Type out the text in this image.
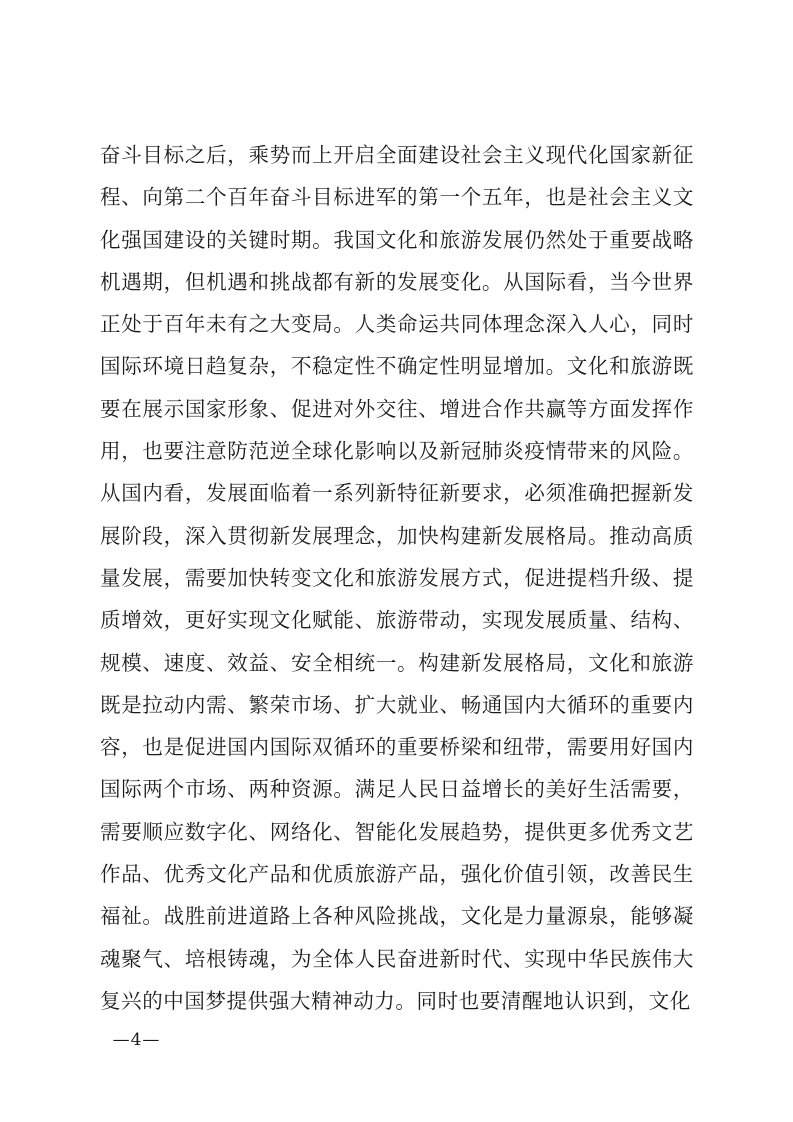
奋斗目标之后，乘势而上开启全面建设社会主义现代化国家新征程、向第二个百年奋斗目标进军的第一个五年，也是社会主义文化强国建设的关键时期。我国文化和旅游发展仍然处于重要战略机遇期，但机遇和挑战都有新的发展变化。从国际看，当今世界正处于百年未有之大变局。人类命运共同体理念深入人心，同时国际环境日趋复杂，不稳定性不确定性明显增加。文化和旅游既要在展示国家形象、促进对外交往、增进合作共赢等方面发挥作用，也要注意防范逆全球化影响以及新冠肺炎疫情带来的风险。从国内看，发展面临着一系列新特征新要求，必须准确把握新发展阶段，深入贯彻新发展理念，加快构建新发展格局。推动高质量发展，需要加快转变文化和旅游发展方式，促进提档升级、提质增效，更好实现文化赋能、旅游带动，实现发展质量、结构、规模、速度、效益、安全相统一。构建新发展格局，文化和旅游既是拉动内需、繁荣市场、扩大就业、畅通国内大循环的重要内容，也是促进国内国际双循环的重要桥梁和纽带，需要用好国内国际两个市场、两种资源。满足人民日益增长的美好生活需要，需要顺应数字化、网络化、智能化发展趋势，提供更多优秀文艺作品、优秀文化产品和优质旅游产品，强化价值引领，改善民生福祉。战胜前进道路上各种风险挑战，文化是力量源泉，能够凝魂聚气、培根铸魂，为全体人民奋进新时代、实现中华民族伟大复兴的中国梦提供强大精神动力。同时也要清醒地认识到，文化

—4—
